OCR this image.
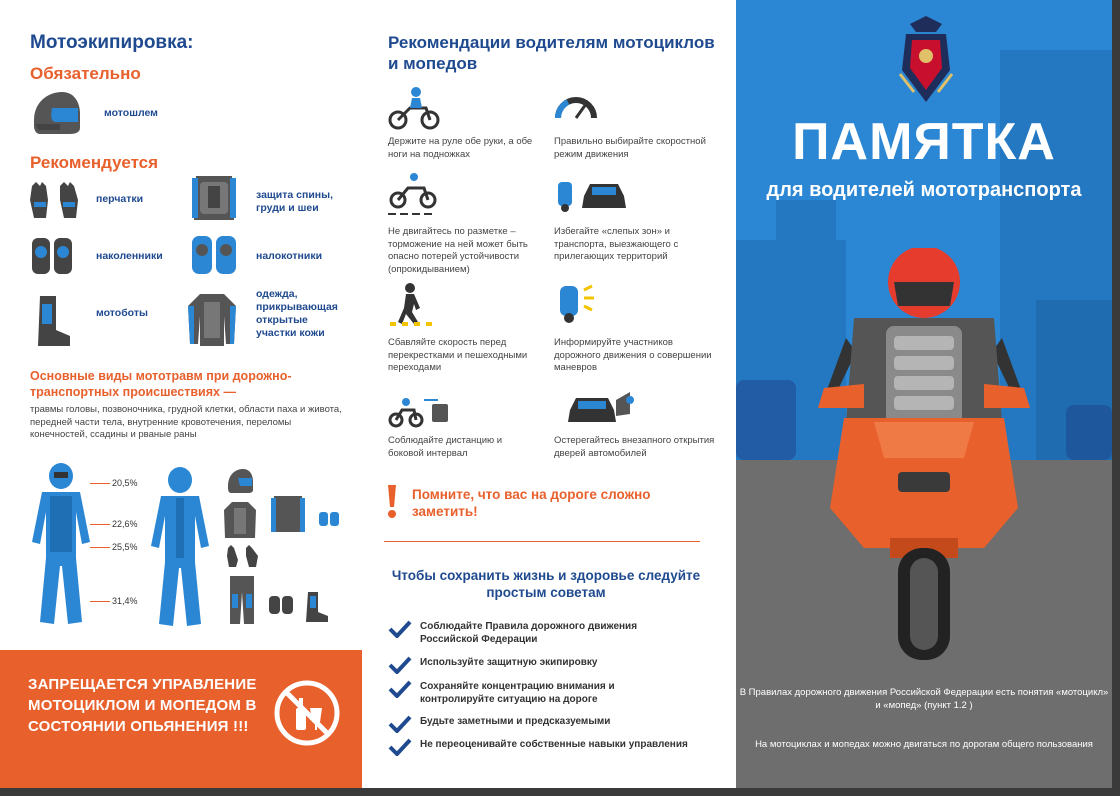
Мотоэкипировка:
Обязательно
мотошлем
Рекомендуется
перчатки	защита спины, груди и шеи
наколенники	налокотники
мотоботы
одежда, прикрывающая открытые участки кожи
Основные виды мототравм при дорожно-транспортных происшествиях —
травмы головы, позвоночника, грудной клетки, области паха и живота, передней части тела, внутренние кровотечения, переломы конечностей, ссадины и рваные раны
20,5%
22,6%
25,5%
31,4%
ЗАПРЕЩАЕТСЯ УПРАВЛЕНИЕ МОТОЦИКЛОМ И МОПЕДОМ В СОСТОЯНИИ ОПЬЯНЕНИЯ !!!
Рекомендации водителям мотоциклов и мопедов
Держите на руле обе руки, а обе ноги на подножках
Правильно выбирайте скоростной режим движения
Не двигайтесь по разметке – торможение на ней может быть опасно потерей устойчивости (опрокидыванием)
Избегайте «слепых зон» и транспорта, выезжающего с прилегающих территорий
Сбавляйте скорость перед перекрестками и пешеходными переходами
Информируйте участников дорожного движения о совершении маневров
Соблюдайте дистанцию и боковой интервал
Остерегайтесь внезапного открытия дверей автомобилей
Помните, что вас на дороге сложно заметить!
Чтобы сохранить жизнь и здоровье следуйте простым советам
Соблюдайте Правила дорожного движения Российской Федерации
Используйте защитную экипировку
Сохраняйте концентрацию внимания и контролируйте ситуацию на дороге
Будьте заметными и предсказуемыми
Не переоценивайте собственные навыки управления
ПАМЯТКА
для водителей мототранспорта
В Правилах дорожного движения Российской Федерации есть понятия «мотоцикл» и «мопед» (пункт 1.2 )
На мотоциклах и мопедах можно двигаться по дорогам общего пользования
